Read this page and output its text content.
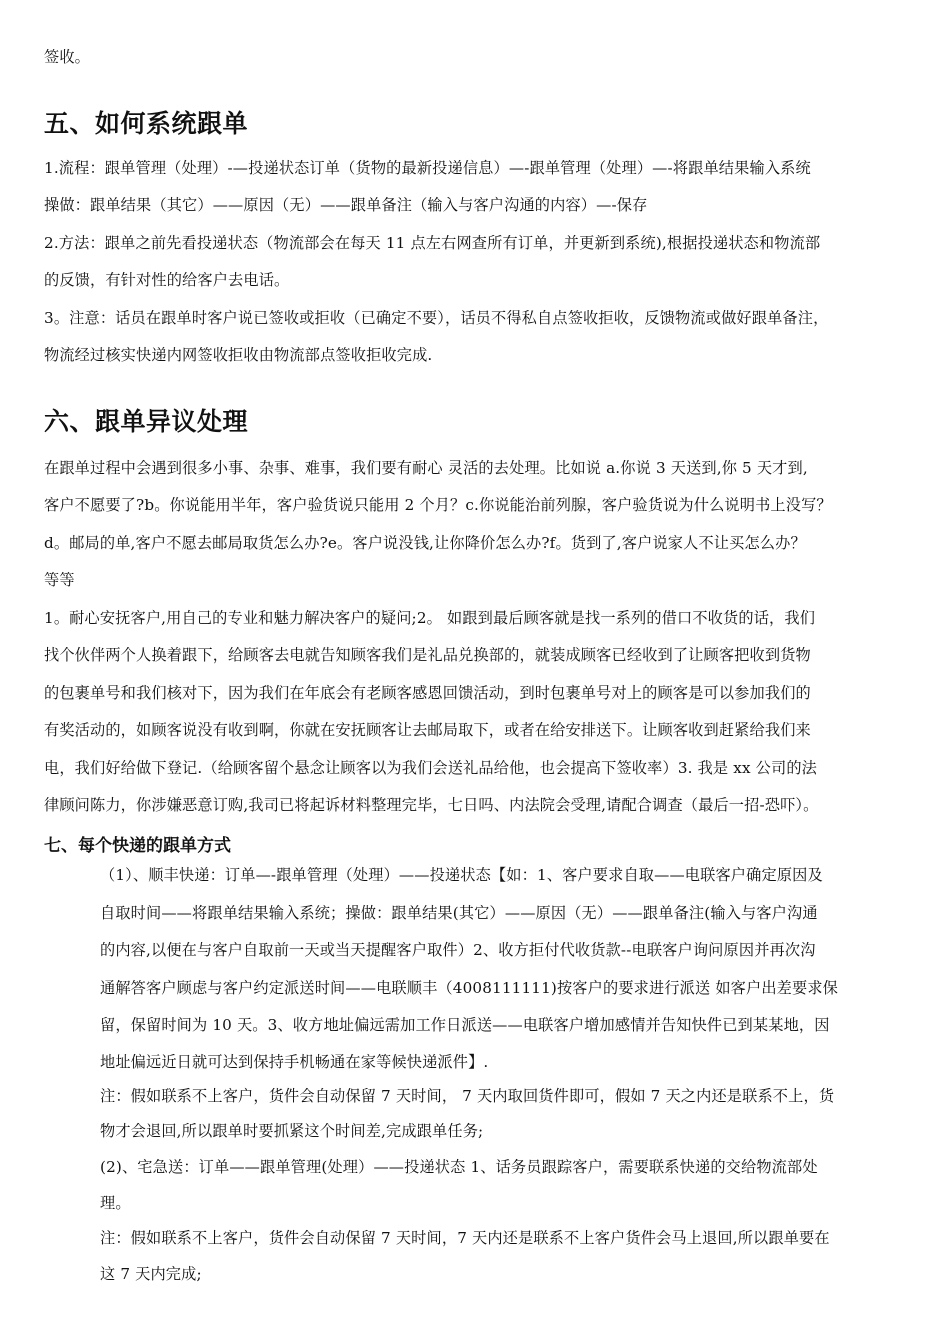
签收。
五、如何系统跟单
1.流程：跟单管理（处理）-—投递状态订单（货物的最新投递信息）—-跟单管理（处理）—-将跟单结果输入系统
操做：跟单结果（其它）——原因（无）——跟单备注（输入与客户沟通的内容）—-保存
2.方法：跟单之前先看投递状态（物流部会在每天 11 点左右网查所有订单，并更新到系统),根据投递状态和物流部
的反馈，有针对性的给客户去电话。
3。注意：话员在跟单时客户说已签收或拒收（已确定不要），话员不得私自点签收拒收，反馈物流或做好跟单备注，
物流经过核实快递内网签收拒收由物流部点签收拒收完成.
六、跟单异议处理
在跟单过程中会遇到很多小事、杂事、难事，我们要有耐心 灵活的去处理。比如说 a.你说 3 天送到,你 5 天才到,
客户不愿要了?b。你说能用半年，客户验货说只能用 2 个月？c.你说能治前列腺，客户验货说为什么说明书上没写？
d。邮局的单,客户不愿去邮局取货怎么办?e。客户说没钱,让你降价怎么办?f。货到了,客户说家人不让买怎么办？
等等
1。耐心安抚客户,用自己的专业和魅力解决客户的疑问;2。 如跟到最后顾客就是找一系列的借口不收货的话，我们
找个伙伴两个人换着跟下，给顾客去电就告知顾客我们是礼品兑换部的，就装成顾客已经收到了让顾客把收到货物
的包裹单号和我们核对下，因为我们在年底会有老顾客感恩回馈活动，到时包裹单号对上的顾客是可以参加我们的
有奖活动的，如顾客说没有收到啊，你就在安抚顾客让去邮局取下，或者在给安排送下。让顾客收到赶紧给我们来
电，我们好给做下登记.（给顾客留个悬念让顾客以为我们会送礼品给他，也会提高下签收率）3. 我是 xx 公司的法
律顾问陈力，你涉嫌恶意订购,我司已将起诉材料整理完毕，七日吗、内法院会受理,请配合调查（最后一招-恐吓）。
七、每个快递的跟单方式
（1）、顺丰快递：订单—-跟单管理（处理）——投递状态【如：1、客户要求自取——电联客户确定原因及
自取时间——将跟单结果输入系统；操做：跟单结果(其它）——原因（无）——跟单备注(输入与客户沟通
的内容,以便在与客户自取前一天或当天提醒客户取件）2、收方拒付代收货款--电联客户询问原因并再次沟
通解答客户顾虑与客户约定派送时间——电联顺丰（4008111111)按客户的要求进行派送 如客户出差要求保
留，保留时间为 10 天。3、收方地址偏远需加工作日派送——电联客户增加感情并告知快件已到某某地，因
地址偏远近日就可达到保持手机畅通在家等候快递派件】.
注：假如联系不上客户，货件会自动保留 7 天时间， 7 天内取回货件即可，假如 7 天之内还是联系不上，货
物才会退回,所以跟单时要抓紧这个时间差,完成跟单任务;
(2)、宅急送：订单——跟单管理(处理）——投递状态 1、话务员跟踪客户，需要联系快递的交给物流部处
理。
注：假如联系不上客户，货件会自动保留 7 天时间，7 天内还是联系不上客户货件会马上退回,所以跟单要在
这 7 天内完成;
